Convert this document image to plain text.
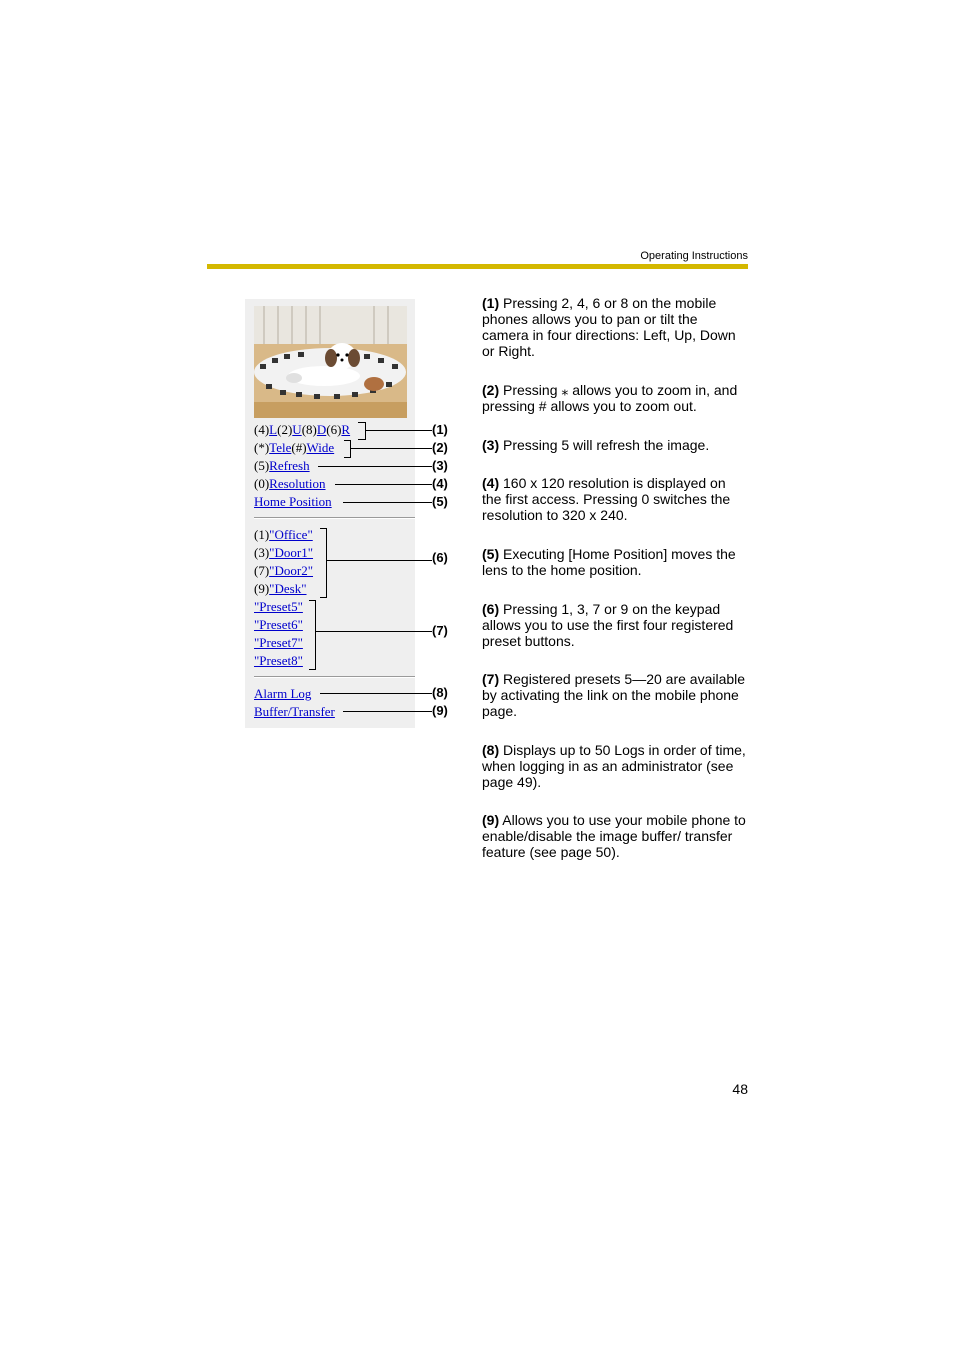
Operating Instructions
(4)L(2)U(8)D(6)R
(*)Tele(#)Wide
(5)Refresh
(0)Resolution
Home Position
(1)"Office"
(3)"Door1"
(7)"Door2"
(9)"Desk"
"Preset5"
"Preset6"
"Preset7"
"Preset8"
Alarm Log
Buffer/Transfer
(1)
(2)
(3)
(4)
(5)
(6)
(7)
(8)
(9)
(1) Pressing 2, 4, 6 or 8 on the mobile phones allows you to pan or tilt the camera in four directions: Left, Up, Down or Right.
(2) Pressing ⁎ allows you to zoom in, and pressing # allows you to zoom out.
(3) Pressing 5 will refresh the image.
(4) 160 x 120 resolution is displayed on the first access. Pressing 0 switches the resolution to 320 x 240.
(5) Executing [Home Position] moves the lens to the home position.
(6) Pressing 1, 3, 7 or 9 on the keypad allows you to use the first four registered preset buttons.
(7) Registered presets 5—20 are available by activating the link on the mobile phone page.
(8) Displays up to 50 Logs in order of time, when logging in as an administrator (see page 49).
(9) Allows you to use your mobile phone to enable/disable the image buffer/ transfer feature (see page 50).
48
